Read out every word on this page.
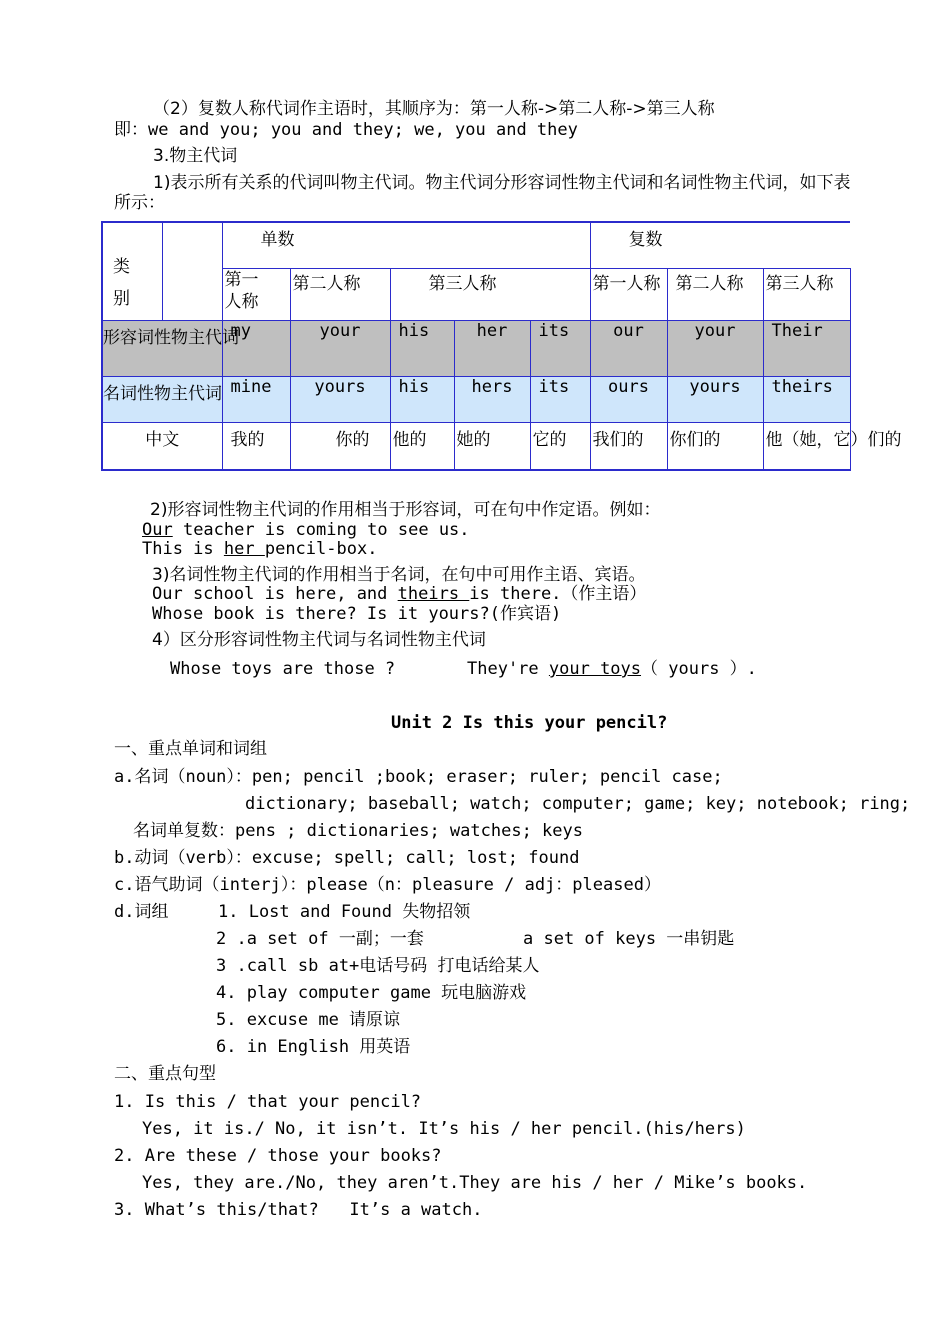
（2）复数人称代词作主语时，其顺序为：第一人称->第二人称->第三人称
即：we and you; you and they; we, you and they
3.物主代词
1)表示所有关系的代词叫物主代词。物主代词分形容词性物主代词和名词性物主代词，如下表
所示：
类
别		单数					复数		

		第一
人称	第二人称	第三人称			第一人称	第二人称	第三人称

形容词性物主代词		my	your	his	her	its	our	your	Their

名词性物主代词		mine	yours	his	hers	its	ours	yours	theirs
中文		我的	你的	他的	她的	它的	我们的	你们的	他（她，它）们的
2)形容词性物主代词的作用相当于形容词，可在句中作定语。例如：
Our teacher is coming to see us.
This is her pencil-box.
3)名词性物主代词的作用相当于名词，在句中可用作主语、宾语。
Our school is here, and theirs is there.（作主语）
Whose book is there? Is it yours?(作宾语)
4）区分形容词性物主代词与名词性物主代词
Whose toys are those ?	They're your toys（ yours ）.
Unit 2 Is this your pencil?
一、重点单词和词组
a.名词（noun）：pen; pencil ;book; eraser; ruler; pencil case;
dictionary; baseball; watch; computer; game; key; notebook; ring;
名词单复数：pens ; dictionaries; watches; keys
b.动词（verb）：excuse; spell; call; lost; found
c.语气助词（interj）：please（n：pleasure / adj：pleased）
d.词组	1. Lost and Found 失物招领
2 .a set of 一副；一套	a set of keys 一串钥匙
3 .call sb at+电话号码 打电话给某人
4. play computer game 玩电脑游戏
5. excuse me 请原谅
6. in English 用英语
二、重点句型
1. Is this / that your pencil?
Yes, it is./ No, it isn’t. It’s his / her pencil.(his/hers)
2. Are these / those your books?
Yes, they are./No, they aren’t.They are his / her / Mike’s books.
3. What’s this/that?   It’s a watch.
